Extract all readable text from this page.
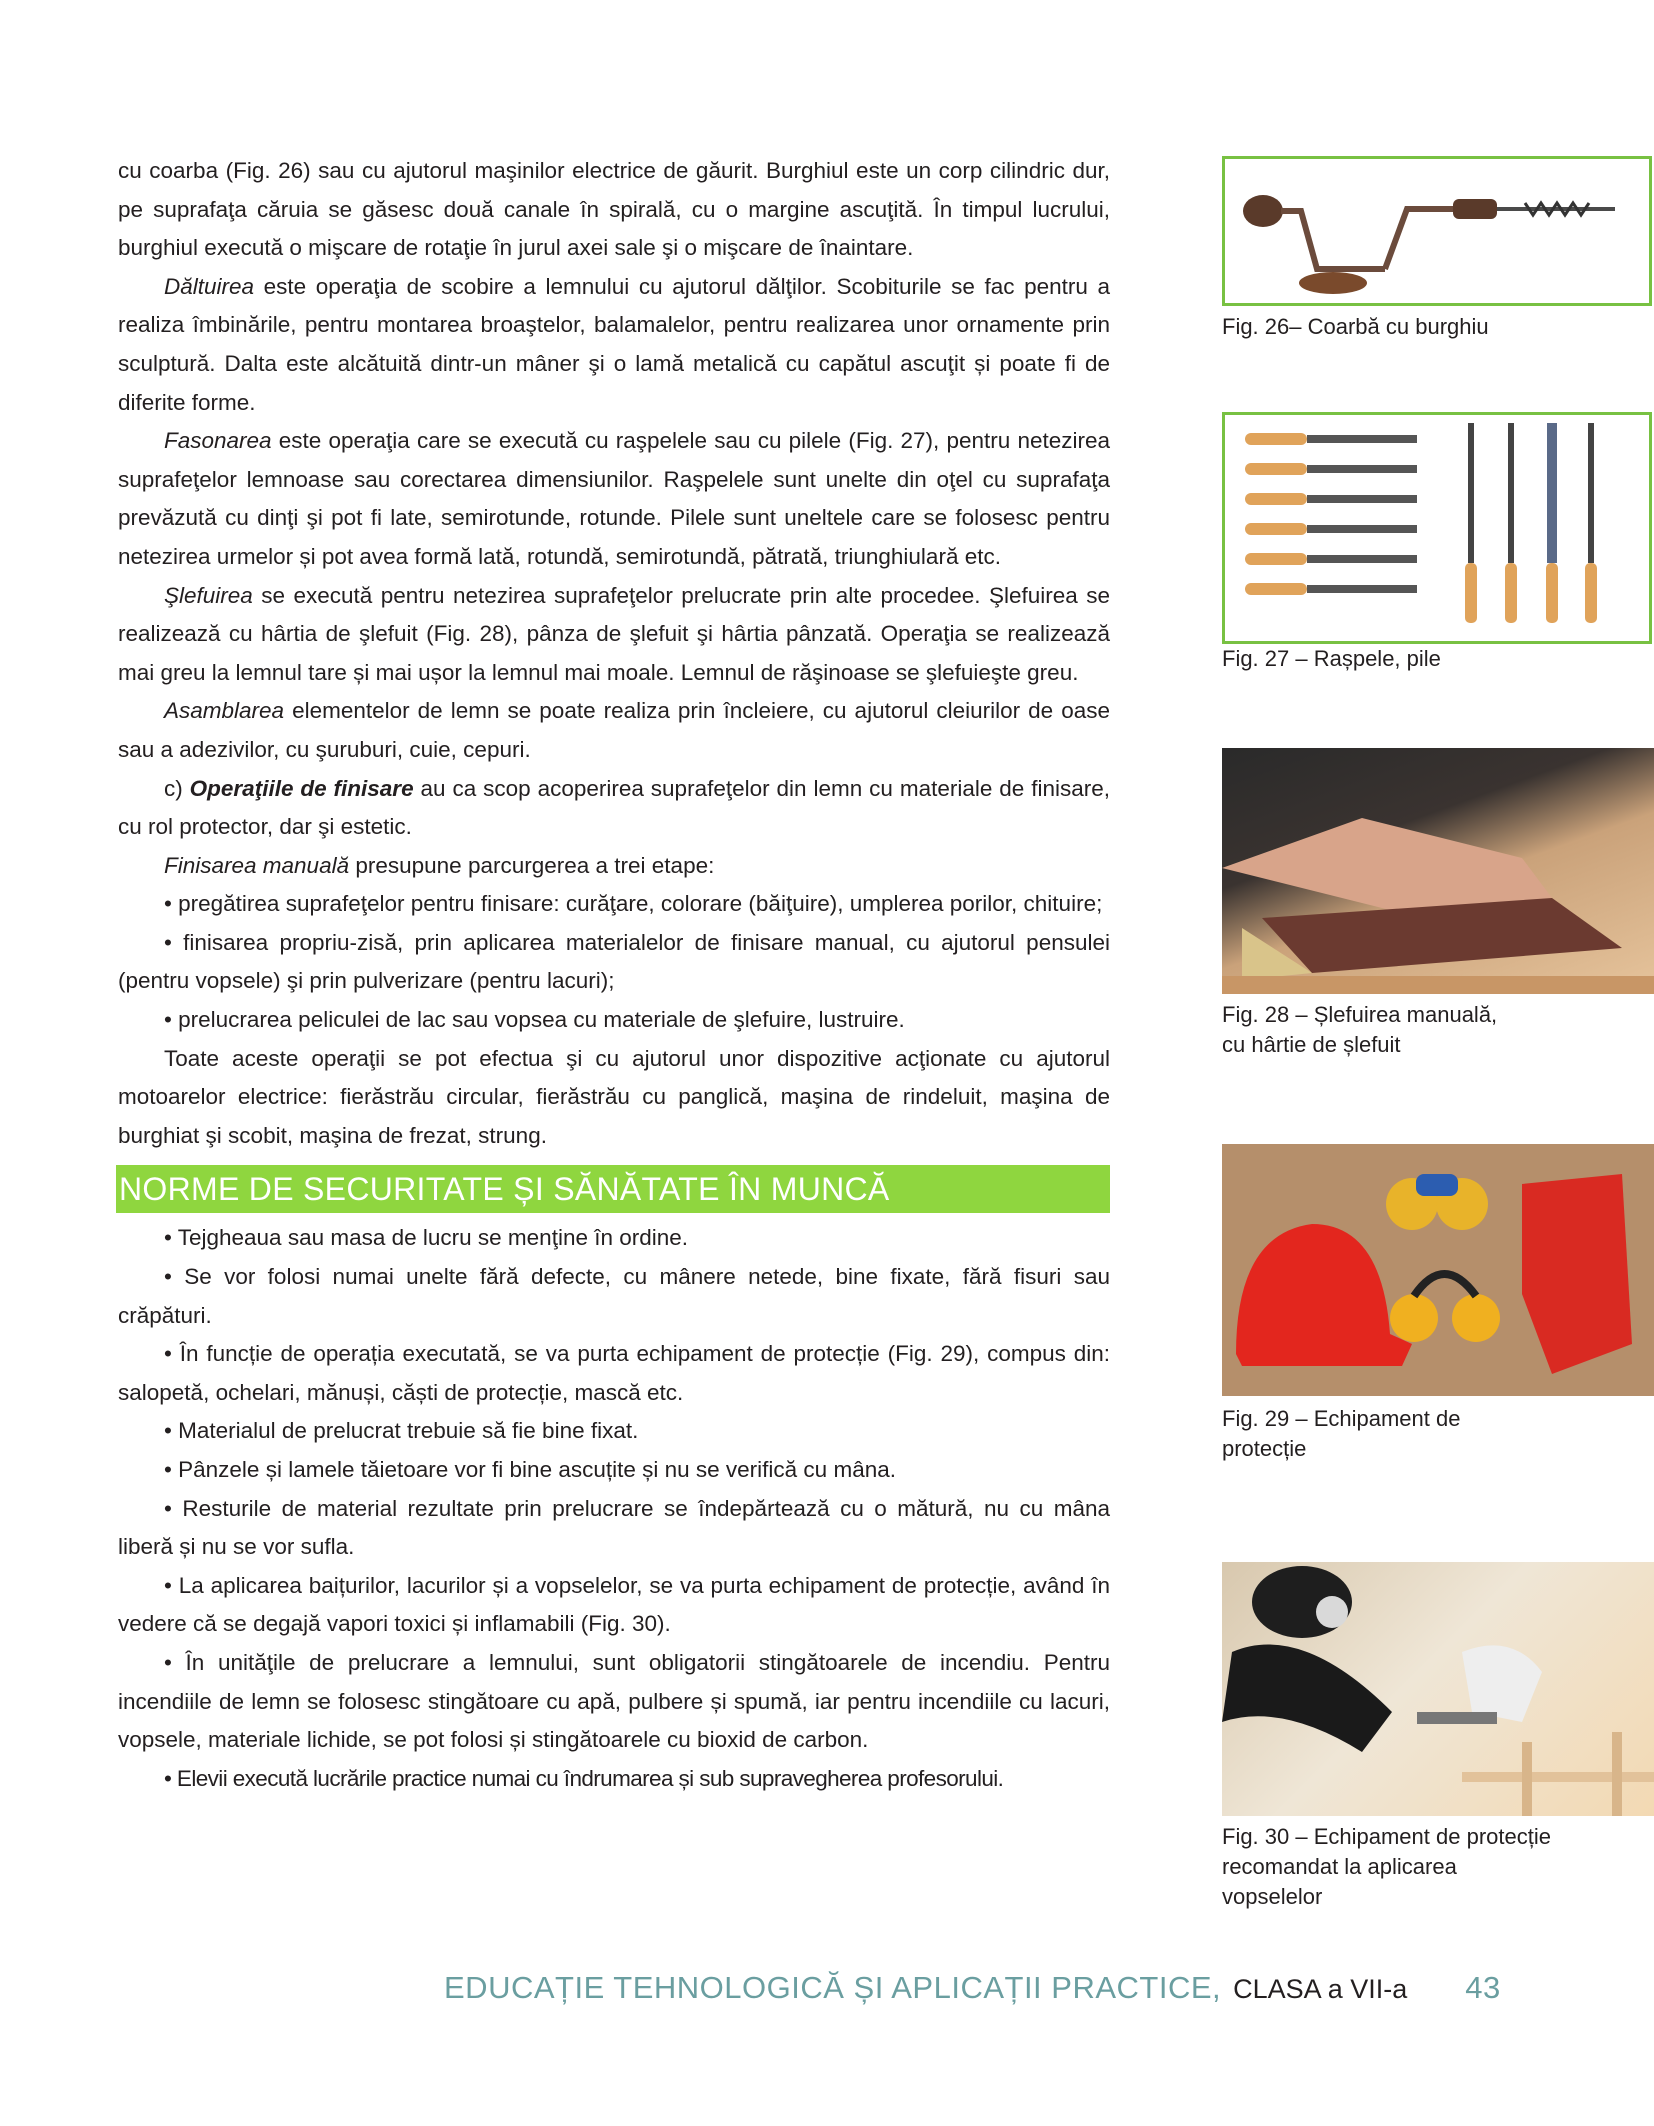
cu coarba (Fig. 26) sau cu ajutorul maşinilor electrice de găurit. Burghiul este un corp cilindric dur, pe suprafaţa căruia se găsesc două canale în spirală, cu o margine ascuţită. În timpul lucrului, burghiul execută o mişcare de rotaţie în jurul axei sale şi o mişcare de înaintare.

Dăltuirea este operaţia de scobire a lemnului cu ajutorul dălţilor. Scobiturile se fac pentru a realiza îmbinările, pentru montarea broaştelor, balamalelor, pentru realizarea unor ornamente prin sculptură. Dalta este alcătuită dintr-un mâner şi o lamă metalică cu capătul ascuţit și poate fi de diferite forme.

Fasonarea este operaţia care se execută cu raşpelele sau cu pilele (Fig. 27), pentru netezirea suprafeţelor lemnoase sau corectarea dimensiunilor. Raşpelele sunt unelte din oţel cu suprafaţa prevăzută cu dinţi şi pot fi late, semirotunde, rotunde. Pilele sunt uneltele care se folosesc pentru netezirea urmelor și pot avea formă lată, rotundă, semirotundă, pătrată, triunghiulară etc.

Şlefuirea se execută pentru netezirea suprafeţelor prelucrate prin alte procedee. Şlefuirea se realizează cu hârtia de şlefuit (Fig. 28), pânza de şlefuit şi hârtia pânzată. Operaţia se realizează mai greu la lemnul tare și mai ușor la lemnul mai moale. Lemnul de răşinoase se şlefuieşte greu.

Asamblarea elementelor de lemn se poate realiza prin încleiere, cu ajutorul cleiurilor de oase sau a adezivilor, cu şuruburi, cuie, cepuri.

c) Operaţiile de finisare au ca scop acoperirea suprafeţelor din lemn cu materiale de finisare, cu rol protector, dar şi estetic.

Finisarea manuală presupune parcurgerea a trei etape:

• pregătirea suprafeţelor pentru finisare: curăţare, colorare (băiţuire), umplerea porilor, chituire;

• finisarea propriu-zisă, prin aplicarea materialelor de finisare manual, cu ajutorul pensulei (pentru vopsele) şi prin pulverizare (pentru lacuri);

• prelucrarea peliculei de lac sau vopsea cu materiale de şlefuire, lustruire.

Toate aceste operaţii se pot efectua şi cu ajutorul unor dispozitive acţionate cu ajutorul motoarelor electrice: fierăstrău circular, fierăstrău cu panglică, maşina de rindeluit, maşina de burghiat şi scobit, maşina de frezat, strung.

NORME DE SECURITATE ȘI SĂNĂTATE ÎN MUNCĂ

• Tejgheaua sau masa de lucru se menţine în ordine.

• Se vor folosi numai unelte fără defecte, cu mânere netede, bine fixate, fără fisuri sau crăpături.

• În funcție de operația executată, se va purta echipament de protecție (Fig. 29), compus din: salopetă, ochelari, mănuși, căști de protecție, mască etc.

• Materialul de prelucrat trebuie să fie bine fixat.

• Pânzele și lamele tăietoare vor fi bine ascuțite și nu se verifică cu mâna.

• Resturile de material rezultate prin prelucrare se îndepărtează cu o mătură, nu cu mâna liberă și nu se vor sufla.

• La aplicarea baițurilor, lacurilor și a vopselelor, se va purta echipament de protecție, având în vedere că se degajă vapori toxici și inflamabili (Fig. 30).

• În unităţile de prelucrare a lemnului, sunt obligatorii stingătoarele de incendiu. Pentru incendiile de lemn se folosesc stingătoare cu apă, pulbere și spumă, iar pentru incendiile cu lacuri, vopsele, materiale lichide, se pot folosi și stingătoarele cu bioxid de carbon.

• Elevii execută lucrările practice numai cu îndrumarea și sub supravegherea profesorului.

Fig. 26– Coarbă cu burghiu
Fig. 27 – Rașpele, pile
Fig. 28 – Șlefuirea manuală,
cu hârtie de șlefuit
Fig. 29 – Echipament de
protecție
Fig. 30 – Echipament de protecție
recomandat la aplicarea
vopselelor
EDUCAȚIE TEHNOLOGICĂ ȘI APLICAȚII PRACTICE, CLASA a VII-a 43
